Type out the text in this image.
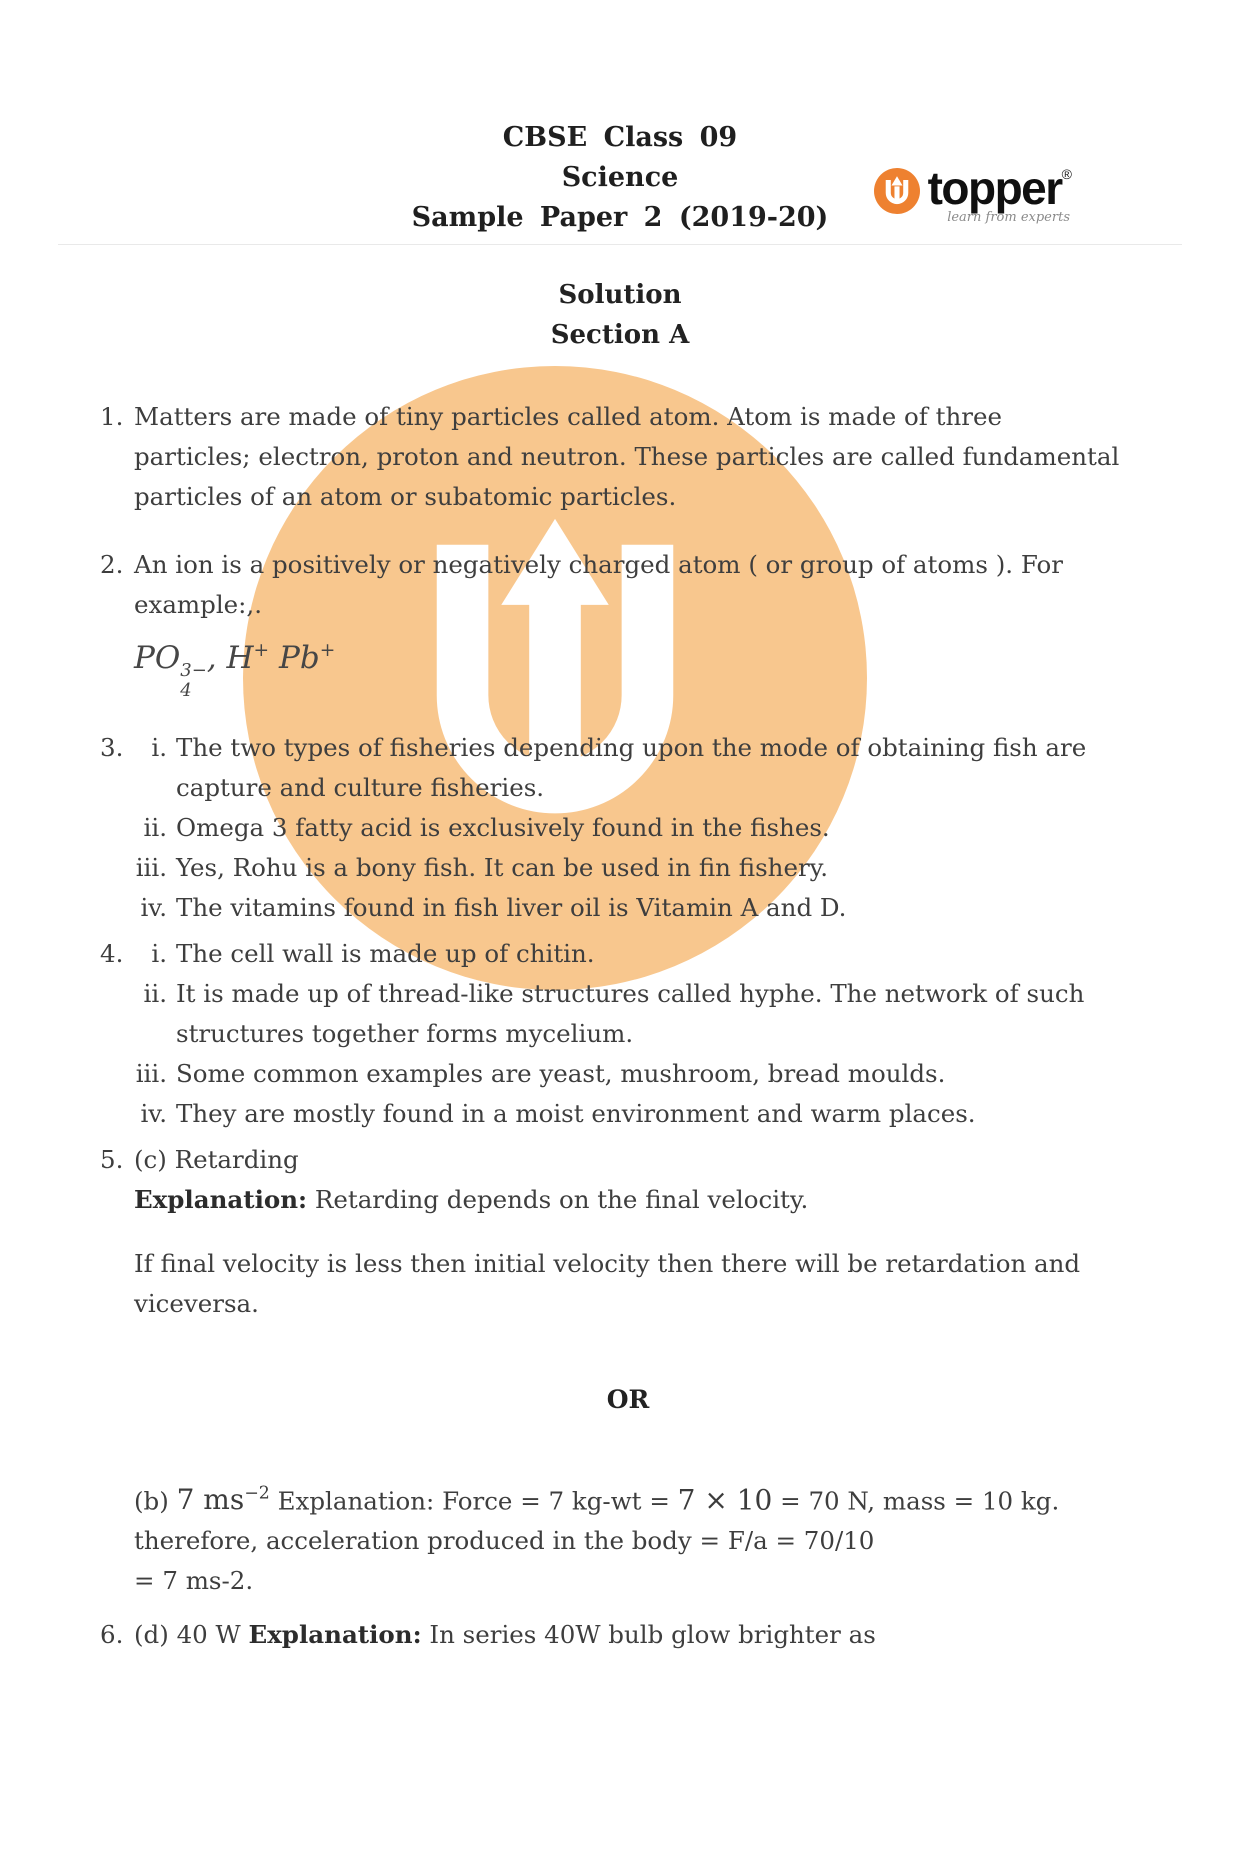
topper®
learn from experts
CBSE Class 09
Science
Sample Paper 2 (2019-20)
Solution
Section A
1. Matters are made of tiny particles called atom. Atom is made of three particles; electron, proton and neutron. These particles are called fundamental particles of an atom or subatomic particles.

2. An ion is a positively or negatively charged atom ( or group of atoms ). For example:,.

PO 3−
4
, H+ Pb+
3.	i. The two types of fisheries depending upon the mode of obtaining fish are capture and culture fisheries.

ii. Omega 3 fatty acid is exclusively found in the fishes.

iii. Yes, Rohu is a bony fish. It can be used in fin fishery.

iv. The vitamins found in fish liver oil is Vitamin A and D.

4.	i. The cell wall is made up of chitin.

ii. It is made up of thread-like structures called hyphe. The network of such structures together forms mycelium.

iii. Some common examples are yeast, mushroom, bread moulds.

iv. They are mostly found in a moist environment and warm places.

5. (c) Retarding

Explanation: Retarding depends on the final velocity.

If final velocity is less then initial velocity then there will be retardation and viceversa.

OR

(b) 7 $ms^{-2}$ Explanation: Force = 7 kg-wt = 7 × 10 = 70 N, mass = 10 kg. therefore, acceleration produced in the body = F/a = 70/10

= 7 ms-2.

6. (d) 40 W Explanation: In series 40W bulb glow brighter as
